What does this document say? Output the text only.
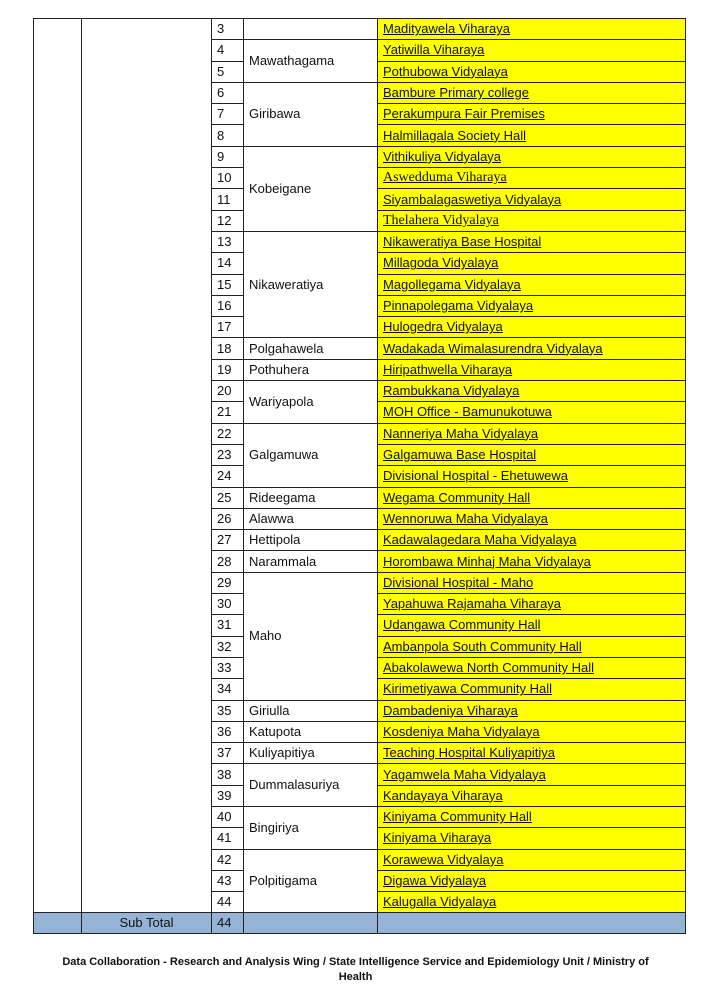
		3		Madityawela Viharaya
		4	Mawathagama	Yatiwilla Viharaya
		5		Pothubowa Vidyalaya
		6	Giribawa	Bambure Primary college
		7		Perakumpura Fair Premises
		8		Halmillagala Society Hall
		9	Kobeigane	Vithikuliya Vidyalaya
		10		Aswedduma Viharaya
		11		Siyambalagaswetiya Vidyalaya
		12		Thelahera Vidyalaya
		13	Nikaweratiya	Nikaweratiya Base Hospital
		14		Millagoda Vidyalaya
		15		Magollegama Vidyalaya
		16		Pinnapolegama Vidyalaya
		17		Hulogedra Vidyalaya
		18	Polgahawela	Wadakada Wimalasurendra Vidyalaya
		19	Pothuhera	Hiripathwella Viharaya
		20	Wariyapola	Rambukkana Vidyalaya
		21		MOH Office - Bamunukotuwa
		22	Galgamuwa	Nanneriya Maha Vidyalaya
		23		Galgamuwa Base Hospital
		24		Divisional Hospital - Ehetuwewa
		25	Rideegama	Wegama Community Hall
		26	Alawwa	Wennoruwa Maha Vidyalaya
		27	Hettipola	Kadawalagedara Maha Vidyalaya
		28	Narammala	Horombawa Minhaj Maha Vidyalaya
		29	Maho	Divisional Hospital - Maho
		30		Yapahuwa Rajamaha Viharaya
		31		Udangawa Community Hall
		32		Ambanpola South Community Hall
		33		Abakolawewa North Community Hall
		34		Kirimetiyawa Community Hall
		35	Giriulla	Dambadeniya Viharaya
		36	Katupota	Kosdeniya Maha Vidyalaya
		37	Kuliyapitiya	Teaching Hospital Kuliyapitiya
		38	Dummalasuriya	Yagamwela Maha Vidyalaya
		39		Kandayaya Viharaya
		40	Bingiriya	Kiniyama Community Hall
		41		Kiniyama Viharaya
		42	Polpitigama	Korawewa Vidyalaya
		43		Digawa Vidyalaya
		44		Kalugalla Vidyalaya
	Sub Total	44		
Data Collaboration - Research and Analysis Wing / State Intelligence Service and Epidemiology Unit / Ministry of
Health
